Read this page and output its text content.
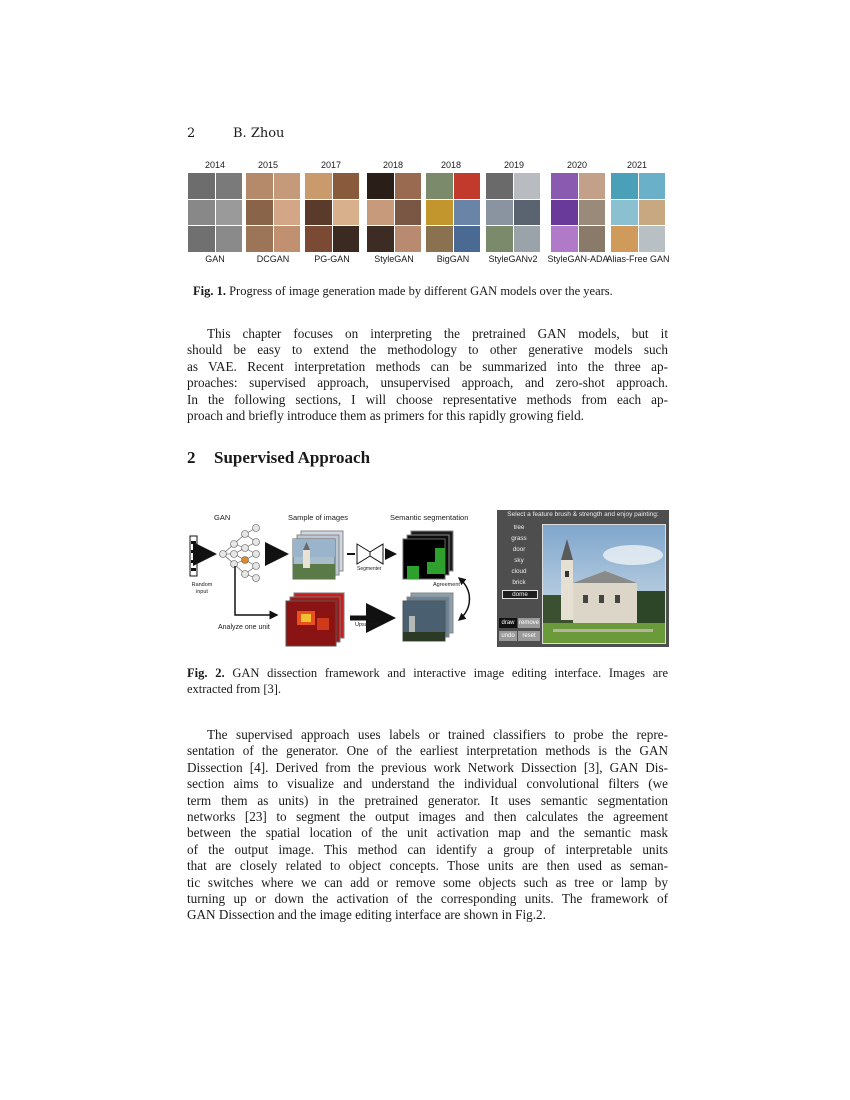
2	B. Zhou
2014	2015	2017	2018	2018	2019	2020	2021
GAN	DCGAN	PG-GAN	StyleGAN	BigGAN	StyleGANv2	StyleGAN-ADA
Alias-Free GAN
Fig. 1. Progress of image generation made by different GAN models over the years.
This chapter focuses on interpreting the pretrained GAN models, but it
should be easy to extend the methodology to other generative models such
as VAE. Recent interpretation methods can be summarized into the three ap-
proaches: supervised approach, unsupervised approach, and zero-shot approach.
In the following sections, I will choose representative methods from each ap-
proach and briefly introduce them as primers for this rapidly growing field.
2 Supervised Approach
GAN	Sample of images	Semantic segmentation
Random
input
Segmenter
Agreement
Analyze one unit	Upsample
Select a feature brush & strength and enjoy painting:
tree
grass
door
sky
cloud
brick
dome
draw remove
undo	reset
Fig. 2. GAN dissection framework and interactive image editing interface. Images are
extracted from [3].
The supervised approach uses labels or trained classifiers to probe the repre-
sentation of the generator. One of the earliest interpretation methods is the GAN
Dissection [4]. Derived from the previous work Network Dissection [3], GAN Dis-
section aims to visualize and understand the individual convolutional filters (we
term them as units) in the pretrained generator. It uses semantic segmentation
networks [23] to segment the output images and then calculates the agreement
between the spatial location of the unit activation map and the semantic mask
of the output image. This method can identify a group of interpretable units
that are closely related to object concepts. Those units are then used as seman-
tic switches where we can add or remove some objects such as tree or lamp by
turning up or down the activation of the corresponding units. The framework of
GAN Dissection and the image editing interface are shown in Fig.2.
